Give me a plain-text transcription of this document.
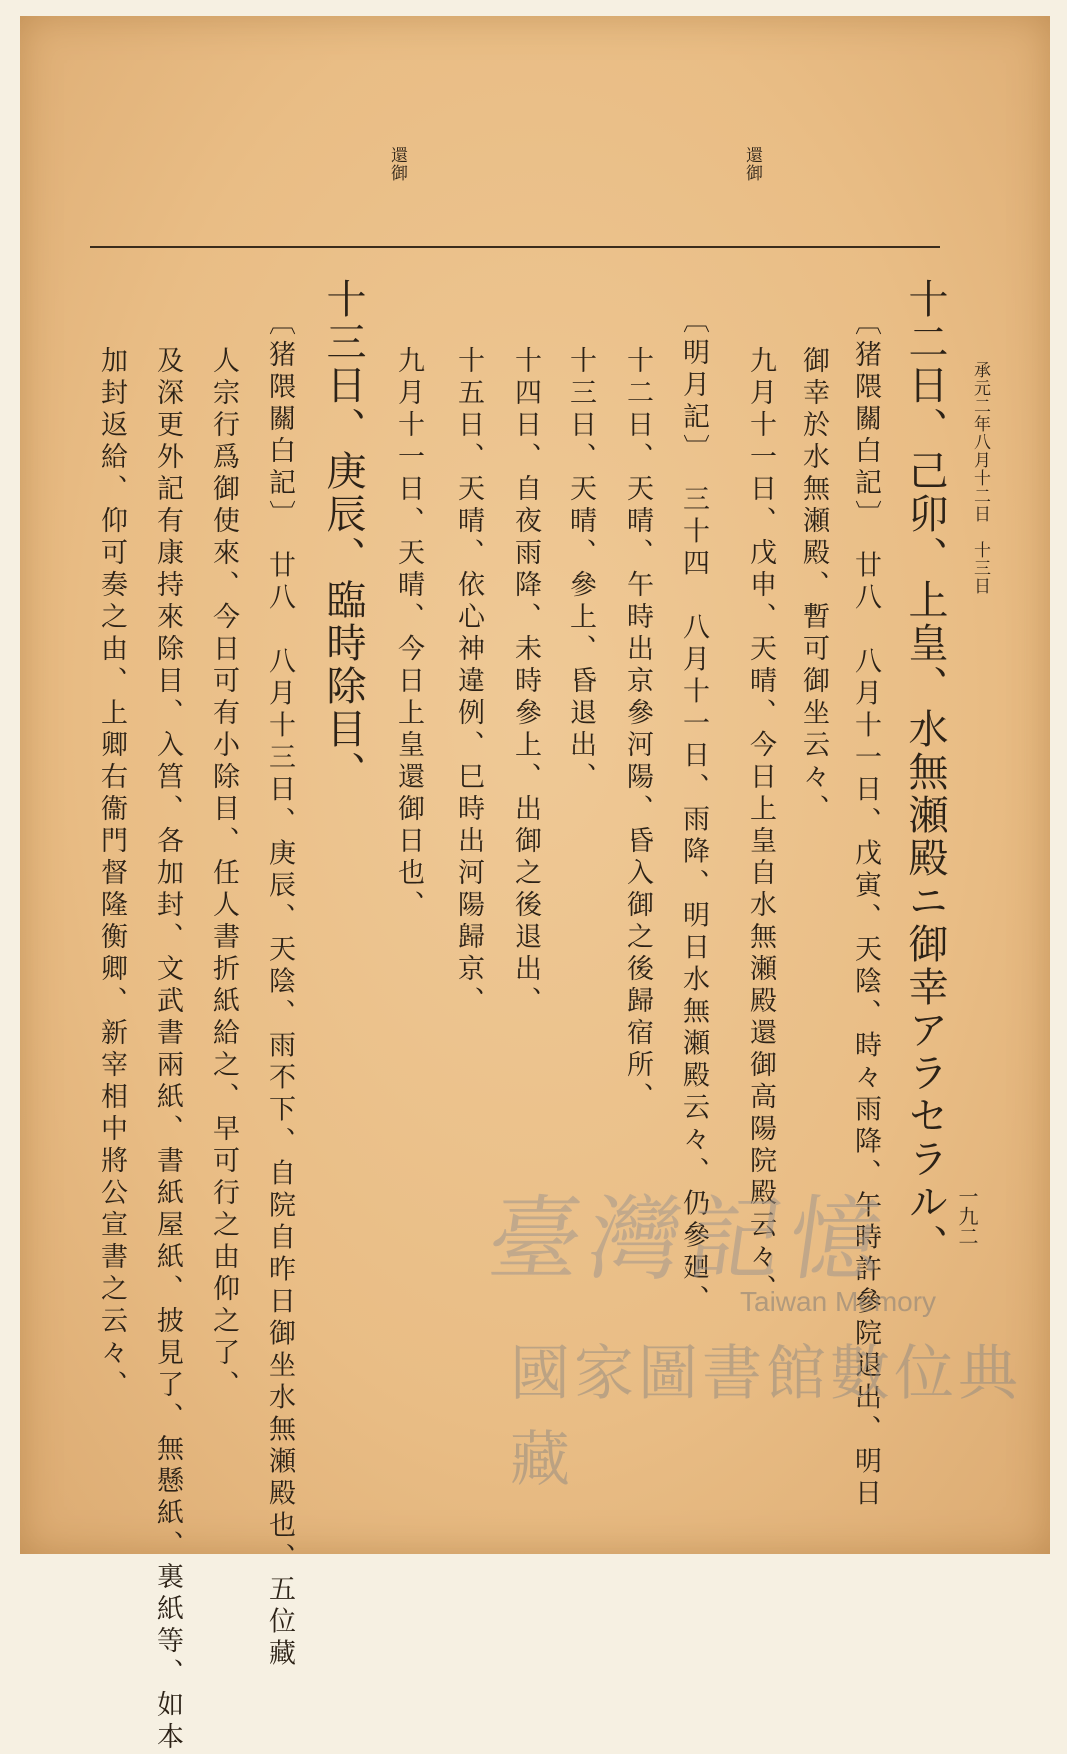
還御
還御
承元二年八月十二日　十三日
十二日、己卯、上皇、水無瀬殿ニ御幸アラセラル、
〔猪隈關白記〕　廿八　八月十一日、戊寅、天陰、時々雨降、午時許參院退出、明日
御幸於水無瀬殿、暫可御坐云々、
九月十一日、戊申、天晴、今日上皇自水無瀬殿還御高陽院殿云々、
〔明月記〕　三十四　八月十一日、雨降、明日水無瀬殿云々、仍參廻、
十二日、天晴、午時出京參河陽、昏入御之後歸宿所、
十三日、天晴、參上、昏退出、
十四日、自夜雨降、未時參上、出御之後退出、
十五日、天晴、依心神違例、巳時出河陽歸京、
九月十一日、天晴、今日上皇還御日也、
十三日、庚辰、臨時除目、
〔猪隈關白記〕　廿八　八月十三日、庚辰、天陰、雨不下、自院自昨日御坐水無瀬殿也、五位藏
人宗行爲御使來、今日可有小除目、任人書折紙給之、早可行之由仰之了、
及深更外記有康持來除目、入筥、各加封、文武書兩紙、書紙屋紙、披見了、無懸紙、裏紙等、如本
加封返給、仰可奏之由、上卿右衞門督隆衡卿、新宰相中將公宣書之云々、	一九二
臺灣記憶
Taiwan Memory
國家圖書館數位典藏
